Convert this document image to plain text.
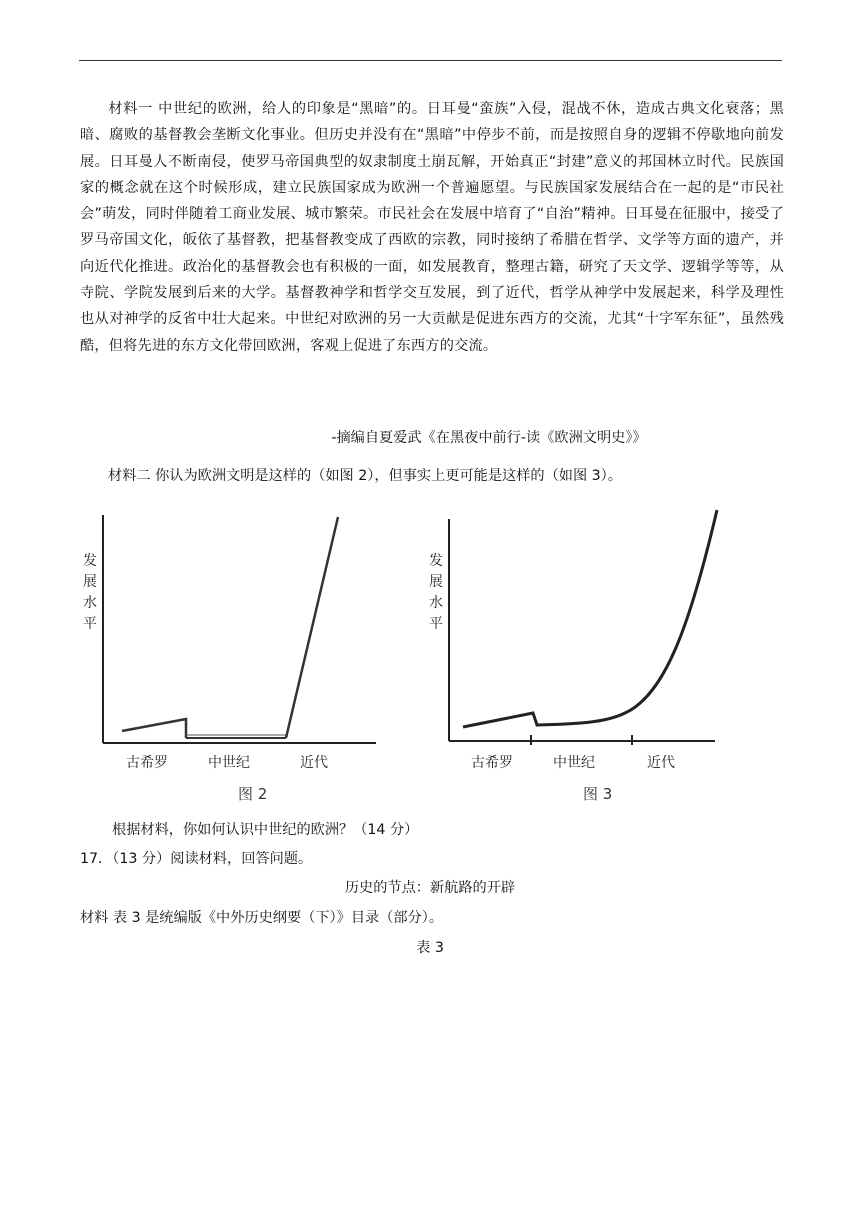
材料一 中世纪的欧洲，给人的印象是“黑暗”的。日耳曼“蛮族”入侵，混战不休，造成古典文化衰落；黑暗、腐败的基督教会垄断文化事业。但历史并没有在“黑暗”中停步不前，而是按照自身的逻辑不停歇地向前发展。日耳曼人不断南侵，使罗马帝国典型的奴隶制度土崩瓦解，开始真正“封建”意义的邦国林立时代。民族国家的概念就在这个时候形成，建立民族国家成为欧洲一个普遍愿望。与民族国家发展结合在一起的是“市民社会”萌发，同时伴随着工商业发展、城市繁荣。市民社会在发展中培育了“自治”精神。日耳曼在征服中，接受了罗马帝国文化，皈依了基督教，把基督教变成了西欧的宗教，同时接纳了希腊在哲学、文学等方面的遗产，并向近代化推进。政治化的基督教会也有积极的一面，如发展教育，整理古籍，研究了天文学、逻辑学等等，从寺院、学院发展到后来的大学。基督教神学和哲学交互发展，到了近代，哲学从神学中发展起来，科学及理性也从对神学的反省中壮大起来。中世纪对欧洲的另一大贡献是促进东西方的交流，尤其“十字军东征”，虽然残酷，但将先进的东方文化带回欧洲，客观上促进了东西方的交流。

-摘编自夏爱武《在黑夜中前行-读《欧洲文明史》》

材料二 你认为欧洲文明是这样的（如图 2），但事实上更可能是这样的（如图 3）。

发
展
水
平
古希罗	中世纪	近代
图 2
发
展
水
平
古希罗	中世纪	近代
图 3

根据材料，你如何认识中世纪的欧洲？（14 分）

17．（13 分）阅读材料，回答问题。

历史的节点：新航路的开辟

材料 表 3 是统编版《中外历史纲要（下）》目录（部分）。

表 3
